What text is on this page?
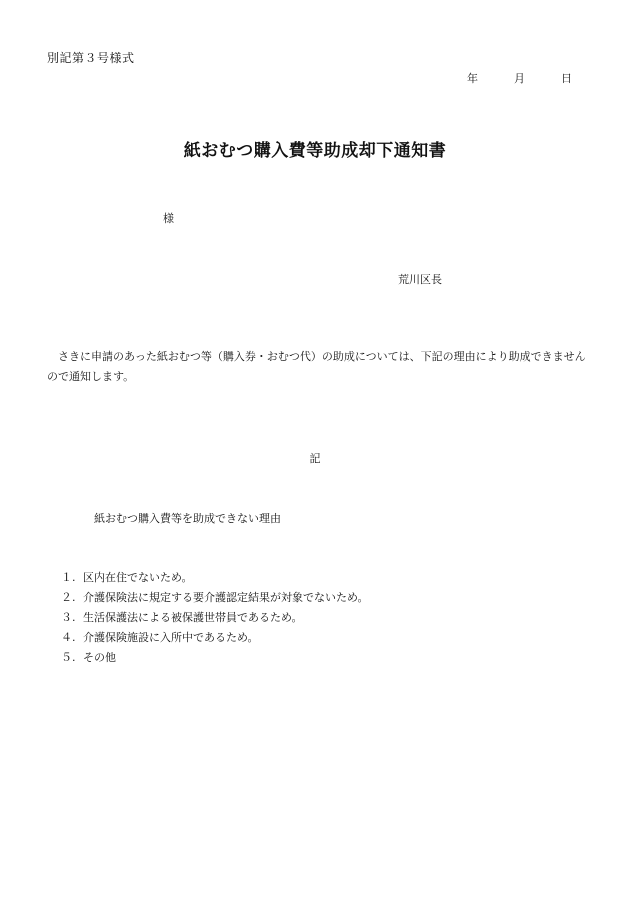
別記第３号様式
年	月	日
紙おむつ購入費等助成却下通知書
様
荒川区長
さきに申請のあった紙おむつ等（購入券・おむつ代）の助成については、下記の理由により助成できませんので通知します。
記
紙おむつ購入費等を助成できない理由
１. 区内在住でないため。
２. 介護保険法に規定する要介護認定結果が対象でないため。
３. 生活保護法による被保護世帯員であるため。
４. 介護保険施設に入所中であるため。
５. その他
